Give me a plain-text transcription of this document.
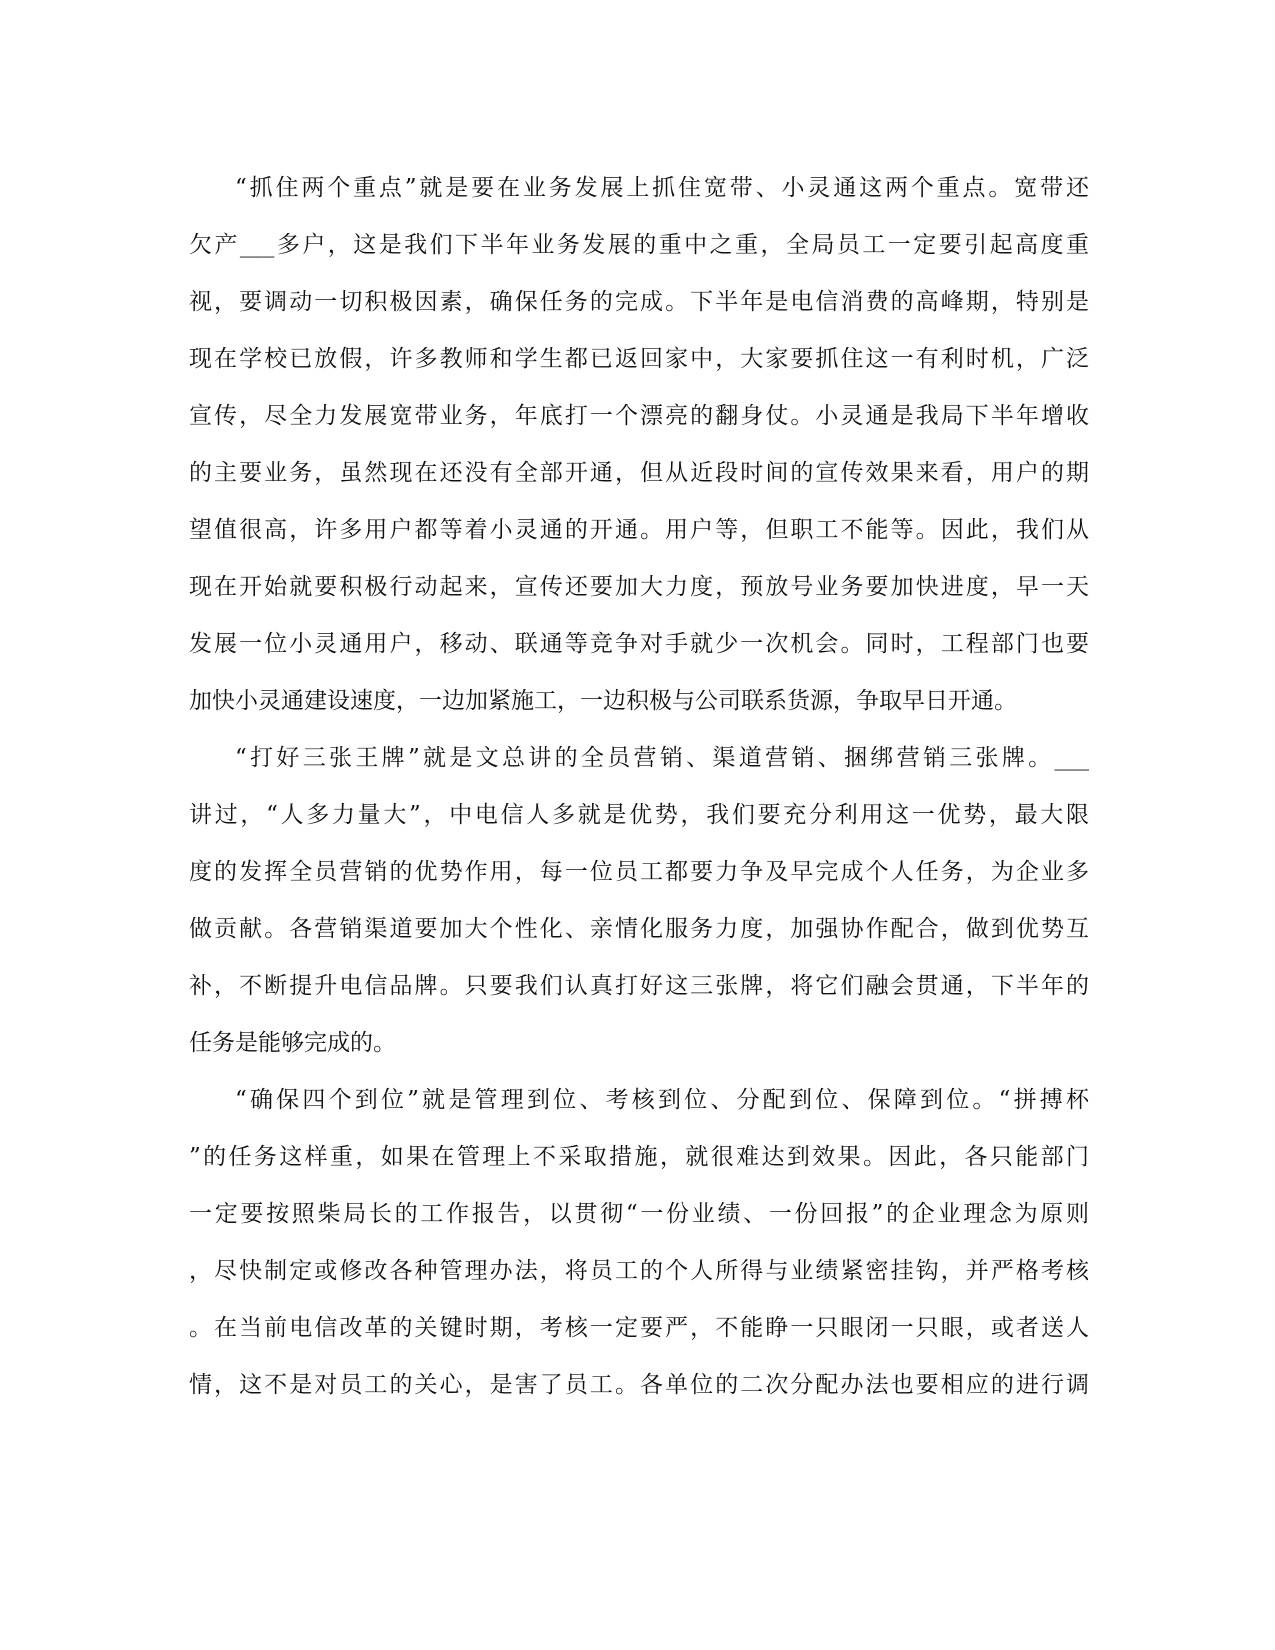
“抓住两个重点”就是要在业务发展上抓住宽带、小灵通这两个重点。宽带还
欠产___多户，这是我们下半年业务发展的重中之重，全局员工一定要引起高度重
视，要调动一切积极因素，确保任务的完成。下半年是电信消费的高峰期，特别是
现在学校已放假，许多教师和学生都已返回家中，大家要抓住这一有利时机，广泛
宣传，尽全力发展宽带业务，年底打一个漂亮的翻身仗。小灵通是我局下半年增收
的主要业务，虽然现在还没有全部开通，但从近段时间的宣传效果来看，用户的期
望值很高，许多用户都等着小灵通的开通。用户等，但职工不能等。因此，我们从
现在开始就要积极行动起来，宣传还要加大力度，预放号业务要加快进度，早一天
发展一位小灵通用户，移动、联通等竞争对手就少一次机会。同时，工程部门也要
加快小灵通建设速度，一边加紧施工，一边积极与公司联系货源，争取早日开通。
“打好三张王牌”就是文总讲的全员营销、渠道营销、捆绑营销三张牌。___
讲过，“人多力量大”，中电信人多就是优势，我们要充分利用这一优势，最大限
度的发挥全员营销的优势作用，每一位员工都要力争及早完成个人任务，为企业多
做贡献。各营销渠道要加大个性化、亲情化服务力度，加强协作配合，做到优势互
补，不断提升电信品牌。只要我们认真打好这三张牌，将它们融会贯通，下半年的
任务是能够完成的。
“确保四个到位”就是管理到位、考核到位、分配到位、保障到位。“拼搏杯
”的任务这样重，如果在管理上不采取措施，就很难达到效果。因此，各只能部门
一定要按照柴局长的工作报告，以贯彻“一份业绩、一份回报”的企业理念为原则
，尽快制定或修改各种管理办法，将员工的个人所得与业绩紧密挂钩，并严格考核
。在当前电信改革的关键时期，考核一定要严，不能睁一只眼闭一只眼，或者送人
情，这不是对员工的关心，是害了员工。各单位的二次分配办法也要相应的进行调
